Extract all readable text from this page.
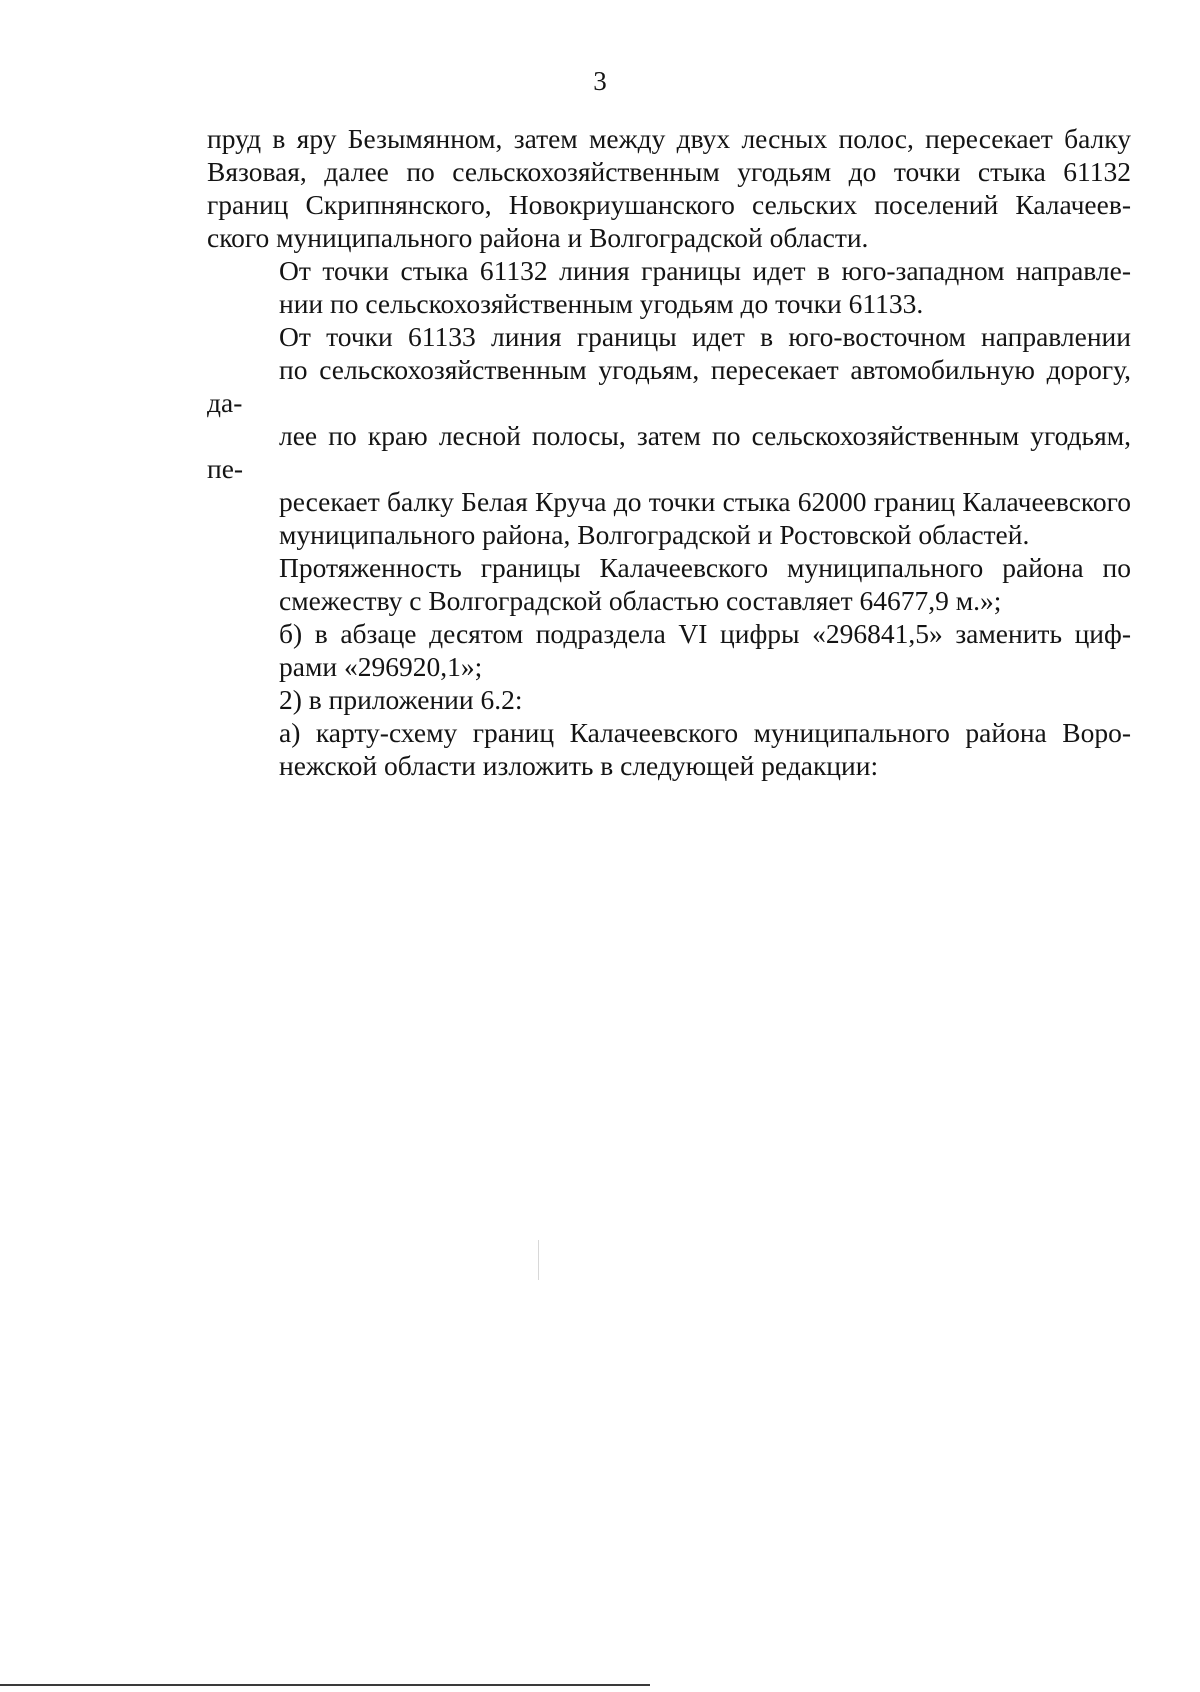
3

пруд в яру Безымянном, затем между двух лесных полос, пересекает балку
Вязовая, далее по сельскохозяйственным угодьям до точки стыка 61132
границ Скрипнянского, Новокриушанского сельских поселений Калачеев-
ского муниципального района и Волгоградской области.

От точки стыка 61132 линия границы идет в юго-западном направле-
нии по сельскохозяйственным угодьям до точки 61133.

От точки 61133 линия границы идет в юго-восточном направлении
по сельскохозяйственным угодьям, пересекает автомобильную дорогу, да-
лее по краю лесной полосы, затем по сельскохозяйственным угодьям, пе-
ресекает балку Белая Круча до точки стыка 62000 границ Калачеевского
муниципального района, Волгоградской и Ростовской областей.

Протяженность границы Калачеевского муниципального района по
смежеству с Волгоградской областью составляет 64677,9 м.»;

б) в абзаце десятом подраздела VI цифры «296841,5» заменить циф-
рами «296920,1»;

2) в приложении 6.2:

а) карту-схему границ Калачеевского муниципального района Воро-
нежской области изложить в следующей редакции:
